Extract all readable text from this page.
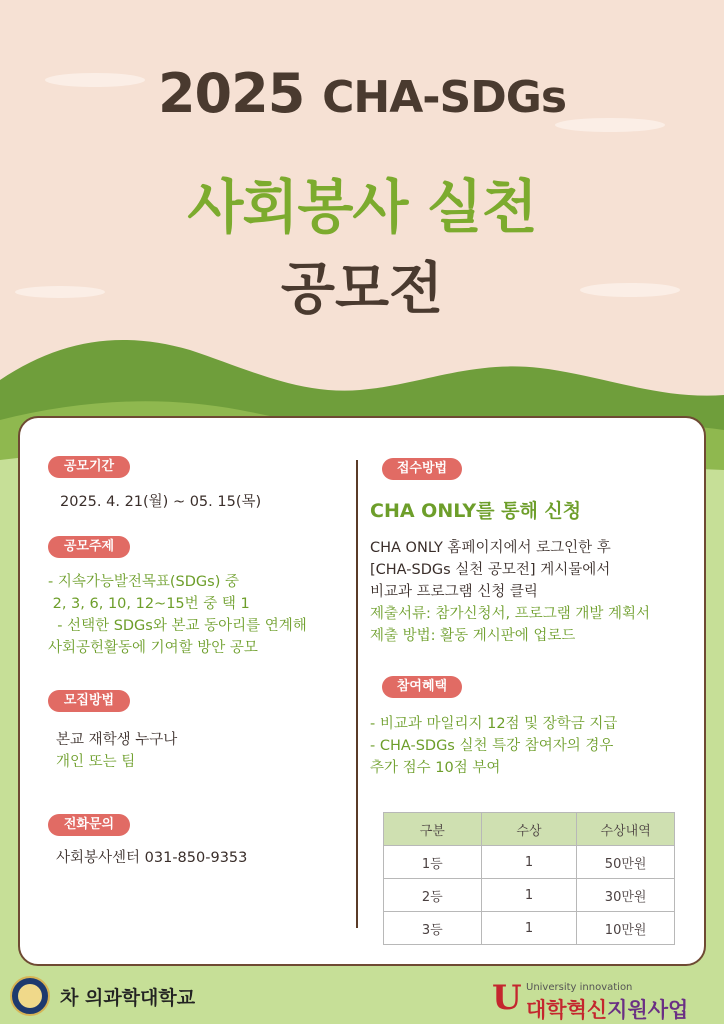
2025 CHA-SDGs
사회봉사 실천
공모전
공모기간
2025. 4. 21(월) ~ 05. 15(목)
공모주제
- 지속가능발전목표(SDGs) 중
2, 3, 6, 10, 12~15번 중 택 1
- 선택한 SDGs와 본교 동아리를 연계해
사회공헌활동에 기여할 방안 공모
모집방법
본교 재학생 누구나
개인 또는 팀
전화문의
사회봉사센터 031-850-9353
접수방법
CHA ONLY를 통해 신청
CHA ONLY 홈페이지에서 로그인한 후
[CHA-SDGs 실천 공모전] 게시물에서
비교과 프로그램 신청 클릭
제출서류: 참가신청서, 프로그램 개발 계획서
제출 방법: 활동 게시판에 업로드
참여혜택
- 비교과 마일리지 12점 및 장학금 지급
- CHA-SDGs 실천 특강 참여자의 경우
추가 점수 10점 부여
구분	수상	수상내역
1등	1	50만원
2등	1	30만원
3등	1	10만원
차 의과학대학교	U University innovation
대학혁신지원사업
